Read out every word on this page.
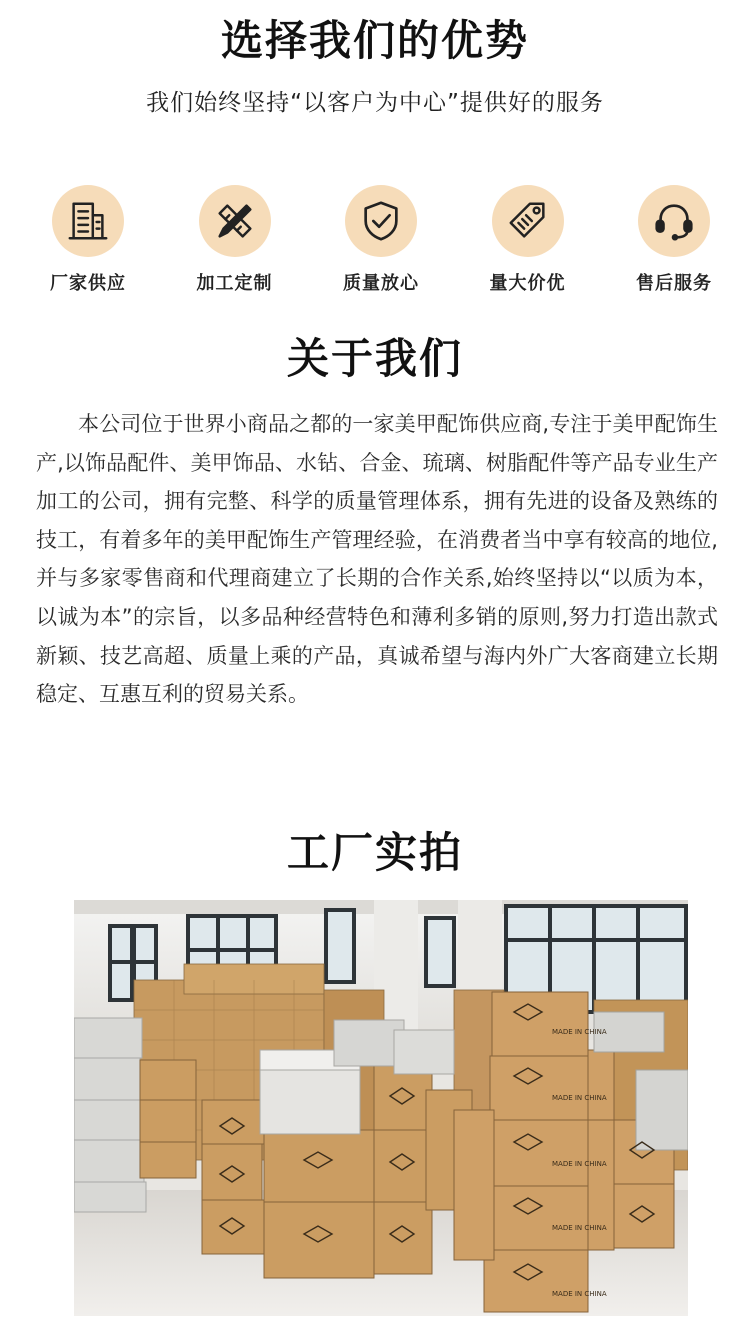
选择我们的优势
我们始终坚持“以客户为中心”提供好的服务
厂家供应	加工定制	质量放心	量大价优	售后服务
关于我们
本公司位于世界小商品之都的一家美甲配饰供应商,专注于美甲配饰生产,以饰品配件、美甲饰品、水钻、合金、琉璃、树脂配件等产品专业生产加工的公司，拥有完整、科学的质量管理体系，拥有先进的设备及熟练的技工，有着多年的美甲配饰生产管理经验，在消费者当中享有较高的地位,并与多家零售商和代理商建立了长期的合作关系,始终坚持以“以质为本，以诚为本”的宗旨，以多品种经营特色和薄利多销的原则,努力打造出款式新颖、技艺高超、质量上乘的产品，真诚希望与海内外广大客商建立长期稳定、互惠互利的贸易关系。
工厂实拍
MADE IN CHINA
MADE IN CHINA
MADE IN CHINA
MADE IN CHINA
MADE IN CHINA
